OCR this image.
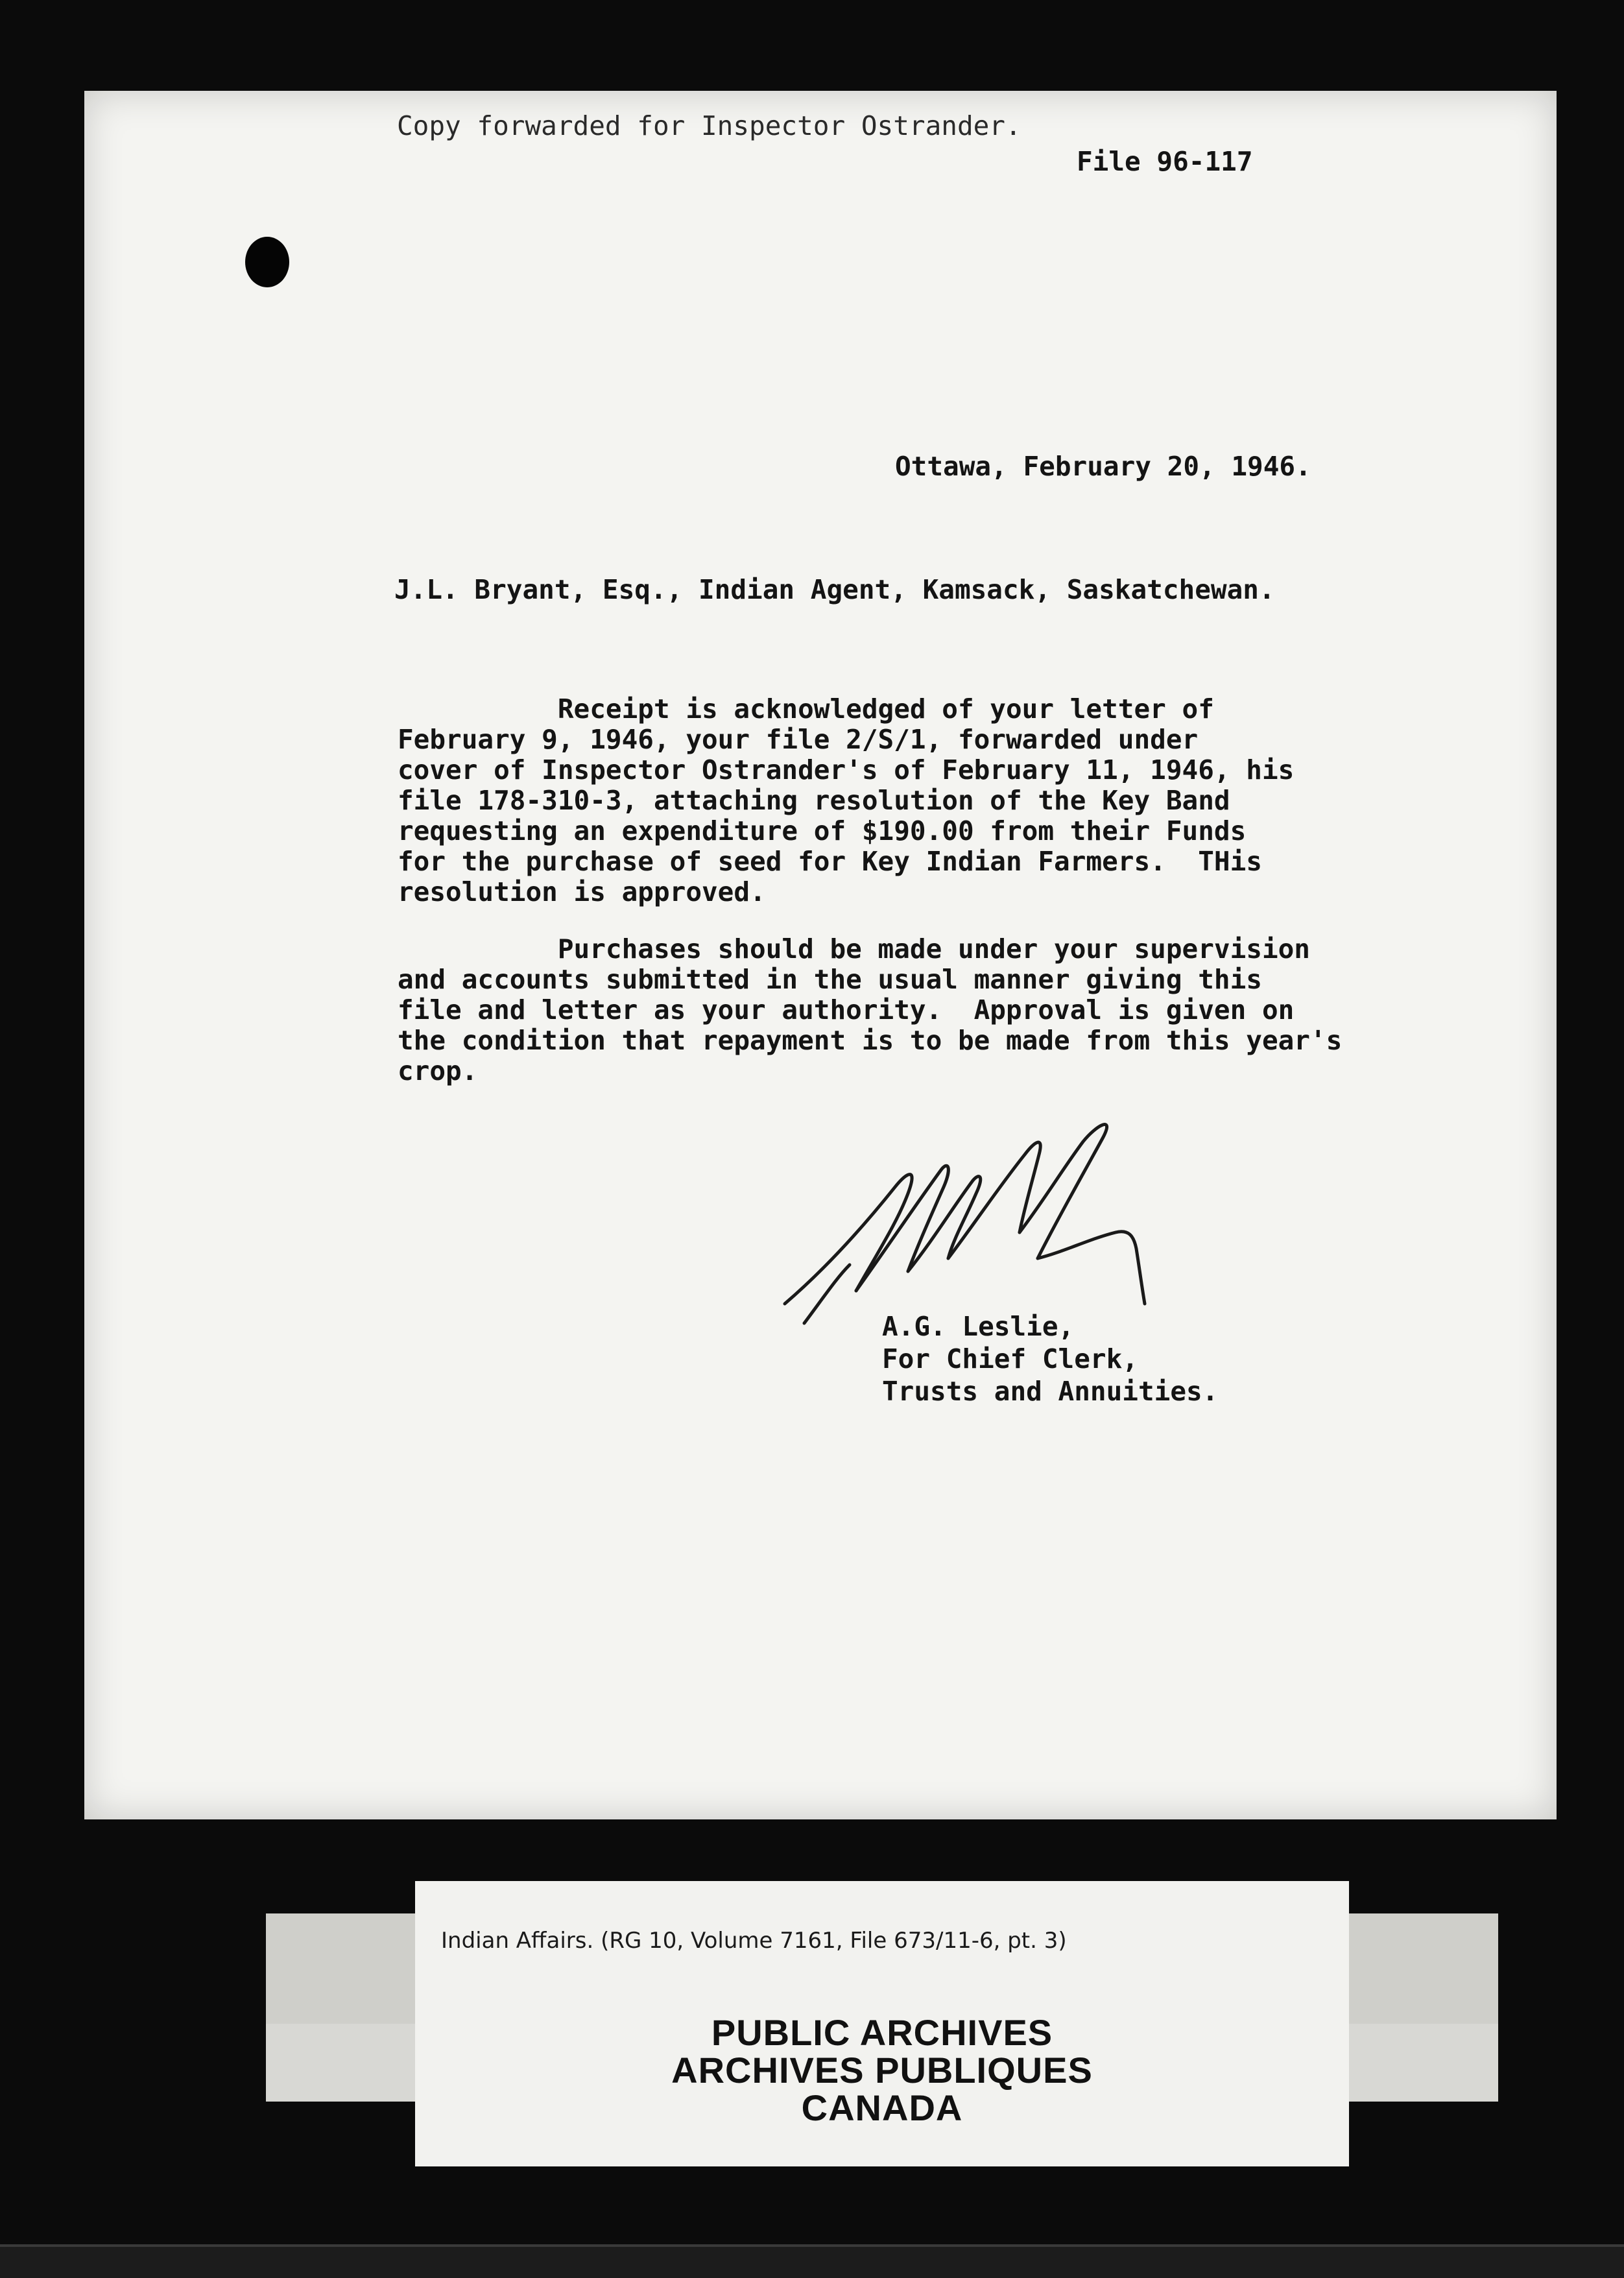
Copy forwarded for Inspector Ostrander.

File 96-117

Ottawa, February 20, 1946.

J.L. Bryant, Esq., Indian Agent, Kamsack, Saskatchewan.

Receipt is acknowledged of your letter of
February 9, 1946, your file 2/S/1, forwarded under
cover of Inspector Ostrander's of February 11, 1946, his
file 178-310-3, attaching resolution of the Key Band
requesting an expenditure of $190.00 from their Funds
for the purchase of seed for Key Indian Farmers.  THis
resolution is approved.
Purchases should be made under your supervision
and accounts submitted in the usual manner giving this
file and letter as your authority.  Approval is given on
the condition that repayment is to be made from this year's
crop.
A.G. Leslie,
For Chief Clerk,
Trusts and Annuities.
Indian Affairs. (RG 10, Volume 7161, File 673/11-6, pt. 3)
PUBLIC ARCHIVES
ARCHIVES PUBLIQUES
CANADA
